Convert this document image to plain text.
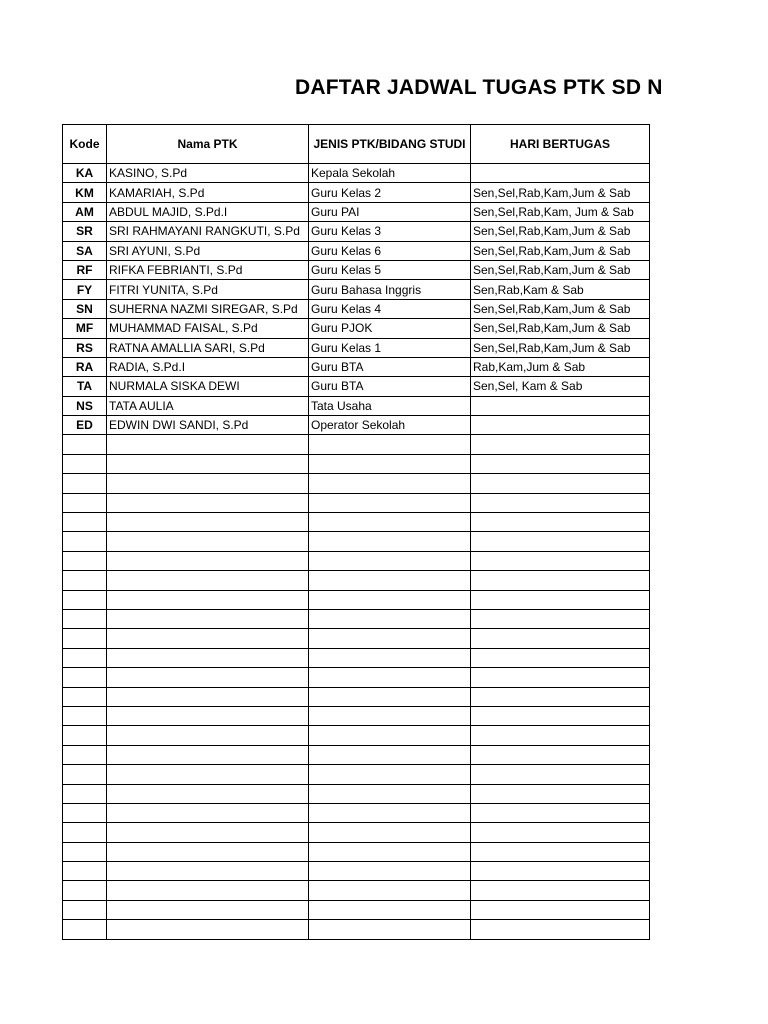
DAFTAR JADWAL TUGAS PTK SD N
Kode	Nama PTK	JENIS PTK/BIDANG STUDI	HARI BERTUGAS
KA	KASINO, S.Pd	Kepala Sekolah	
KM	KAMARIAH, S.Pd	Guru Kelas 2	Sen,Sel,Rab,Kam,Jum & Sab
AM	ABDUL MAJID, S.Pd.I	Guru PAI	Sen,Sel,Rab,Kam, Jum & Sab
SR	SRI RAHMAYANI RANGKUTI, S.Pd	Guru Kelas 3	Sen,Sel,Rab,Kam,Jum & Sab
SA	SRI AYUNI, S.Pd	Guru Kelas 6	Sen,Sel,Rab,Kam,Jum & Sab
RF	RIFKA FEBRIANTI, S.Pd	Guru Kelas 5	Sen,Sel,Rab,Kam,Jum & Sab
FY	FITRI YUNITA, S.Pd	Guru Bahasa Inggris	Sen,Rab,Kam & Sab
SN	SUHERNA NAZMI SIREGAR, S.Pd	Guru Kelas 4	Sen,Sel,Rab,Kam,Jum & Sab
MF	MUHAMMAD FAISAL, S.Pd	Guru PJOK	Sen,Sel,Rab,Kam,Jum & Sab
RS	RATNA AMALLIA SARI, S.Pd	Guru Kelas 1	Sen,Sel,Rab,Kam,Jum & Sab
RA	RADIA, S.Pd.I	Guru BTA	Rab,Kam,Jum & Sab
TA	NURMALA SISKA DEWI	Guru BTA	Sen,Sel, Kam & Sab
NS	TATA AULIA	Tata Usaha	
ED	EDWIN DWI SANDI, S.Pd	Operator Sekolah	
